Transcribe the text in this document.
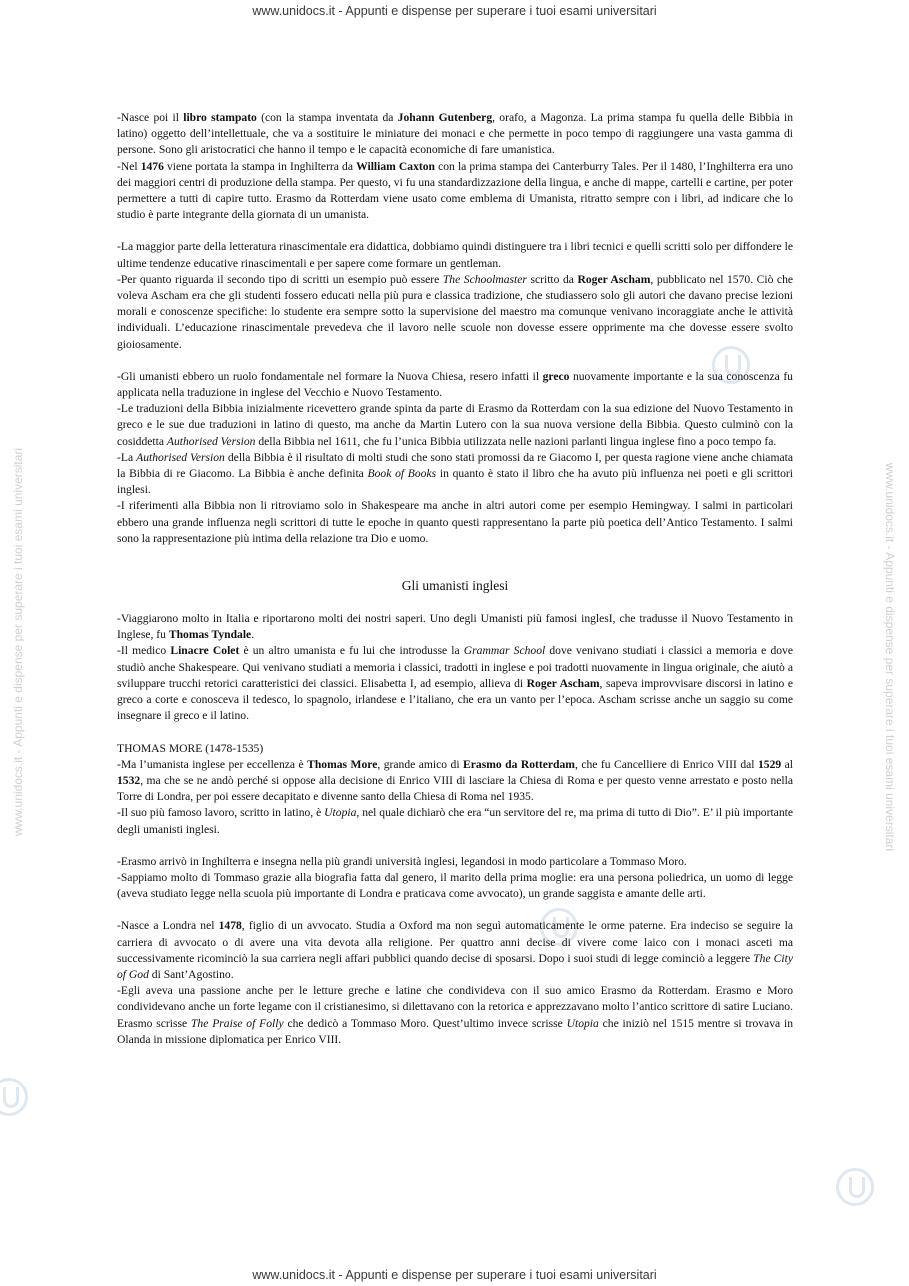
www.unidocs.it - Appunti e dispense per superare i tuoi esami universitari
www.unidocs.it - Appunti e dispense per superare i tuoi esami universitari
www.unidocs.it - Appunti e dispense per superare i tuoi esami universitari	www.unidocs.it - Appunti e dispense per superare i tuoi esami universitari

-Nasce poi il libro stampato (con la stampa inventata da Johann Gutenberg, orafo, a Magonza. La prima stampa fu quella delle Bibbia in latino) oggetto dell’intellettuale, che va a sostituire le miniature dei monaci e che permette in poco tempo di raggiungere una vasta gamma di persone. Sono gli aristocratici che hanno il tempo e le capacità economiche di fare umanistica.

-Nel 1476 viene portata la stampa in Inghilterra da William Caxton con la prima stampa dei Canterburry Tales. Per il 1480, l’Inghilterra era uno dei maggiori centri di produzione della stampa. Per questo, vi fu una standardizzazione della lingua, e anche di mappe, cartelli e cartine, per poter permettere a tutti di capire tutto. Erasmo da Rotterdam viene usato come emblema di Umanista, ritratto sempre con i libri, ad indicare che lo studio è parte integrante della giornata di un umanista.

-La maggior parte della letteratura rinascimentale era didattica, dobbiamo quindi distinguere tra i libri tecnici e quelli scritti solo per diffondere le ultime tendenze educative rinascimentali e per sapere come formare un gentleman.

-Per quanto riguarda il secondo tipo di scritti un esempio può essere The Schoolmaster scritto da Roger Ascham, pubblicato nel 1570. Ciò che voleva Ascham era che gli studenti fossero educati nella più pura e classica tradizione, che studiassero solo gli autori che davano precise lezioni morali e conoscenze specifiche: lo studente era sempre sotto la supervisione del maestro ma comunque venivano incoraggiate anche le attività individuali. L’educazione rinascimentale prevedeva che il lavoro nelle scuole non dovesse essere opprimente ma che dovesse essere svolto gioiosamente.

-Gli umanisti ebbero un ruolo fondamentale nel formare la Nuova Chiesa, resero infatti il greco nuovamente importante e la sua conoscenza fu applicata nella traduzione in inglese del Vecchio e Nuovo Testamento.

-Le traduzioni della Bibbia inizialmente ricevettero grande spinta da parte di Erasmo da Rotterdam con la sua edizione del Nuovo Testamento in greco e le sue due traduzioni in latino di questo, ma anche da Martin Lutero con la sua nuova versione della Bibbia. Questo culminò con la cosiddetta Authorised Version della Bibbia nel 1611, che fu l’unica Bibbia utilizzata nelle nazioni parlanti lingua inglese fino a poco tempo fa.

-La Authorised Version della Bibbia è il risultato di molti studi che sono stati promossi da re Giacomo I, per questa ragione viene anche chiamata la Bibbia di re Giacomo. La Bibbia è anche definita Book of Books in quanto è stato il libro che ha avuto più influenza nei poeti e gli scrittori inglesi.

-I riferimenti alla Bibbia non li ritroviamo solo in Shakespeare ma anche in altri autori come per esempio Hemingway. I salmi in particolari ebbero una grande influenza negli scrittori di tutte le epoche in quanto questi rappresentano la parte più poetica dell’Antico Testamento. I salmi sono la rappresentazione più intima della relazione tra Dio e uomo.

Gli umanisti inglesi

-Viaggiarono molto in Italia e riportarono molti dei nostri saperi. Uno degli Umanisti più famosi inglesI, che tradusse il Nuovo Testamento in Inglese, fu Thomas Tyndale.

-Il medico Linacre Colet è un altro umanista e fu lui che introdusse la Grammar School dove venivano studiati i classici a memoria e dove studiò anche Shakespeare. Qui venivano studiati a memoria i classici, tradotti in inglese e poi tradotti nuovamente in lingua originale, che aiutò a sviluppare trucchi retorici caratteristici dei classici. Elisabetta I, ad esempio, allieva di Roger Ascham, sapeva improvvisare discorsi in latino e greco a corte e conosceva il tedesco, lo spagnolo, irlandese e l’italiano, che era un vanto per l’epoca. Ascham scrisse anche un saggio su come insegnare il greco e il latino.

THOMAS MORE (1478-1535)

-Ma l’umanista inglese per eccellenza è Thomas More, grande amico di Erasmo da Rotterdam, che fu Cancelliere di Enrico VIII dal 1529 al 1532, ma che se ne andò perché si oppose alla decisione di Enrico VIII di lasciare la Chiesa di Roma e per questo venne arrestato e posto nella Torre di Londra, per poi essere decapitato e divenne santo della Chiesa di Roma nel 1935.

-Il suo più famoso lavoro, scritto in latino, è Utopia, nel quale dichiarò che era “un servitore del re, ma prima di tutto di Dio”. E’ il più importante degli umanisti inglesi.

-Erasmo arrivò in Inghilterra e insegna nella più grandi università inglesi, legandosi in modo particolare a Tommaso Moro.

-Sappiamo molto di Tommaso grazie alla biografia fatta dal genero, il marito della prima moglie: era una persona poliedrica, un uomo di legge (aveva studiato legge nella scuola più importante di Londra e praticava come avvocato), un grande saggista e amante delle arti.

-Nasce a Londra nel 1478, figlio di un avvocato. Studia a Oxford ma non seguì automaticamente le orme paterne. Era indeciso se seguire la carriera di avvocato o di avere una vita devota alla religione. Per quattro anni decise di vivere come laico con i monaci asceti ma successivamente ricominciò la sua carriera negli affari pubblici quando decise di sposarsi. Dopo i suoi studi di legge cominciò a leggere The City of God di Sant’Agostino.

-Egli aveva una passione anche per le letture greche e latine che condivideva con il suo amico Erasmo da Rotterdam. Erasmo e Moro condividevano anche un forte legame con il cristianesimo, si dilettavano con la retorica e apprezzavano molto l’antico scrittore di satire Luciano. Erasmo scrisse The Praise of Folly che dedicò a Tommaso Moro. Quest’ultimo invece scrisse Utopia che iniziò nel 1515 mentre si trovava in Olanda in missione diplomatica per Enrico VIII.
